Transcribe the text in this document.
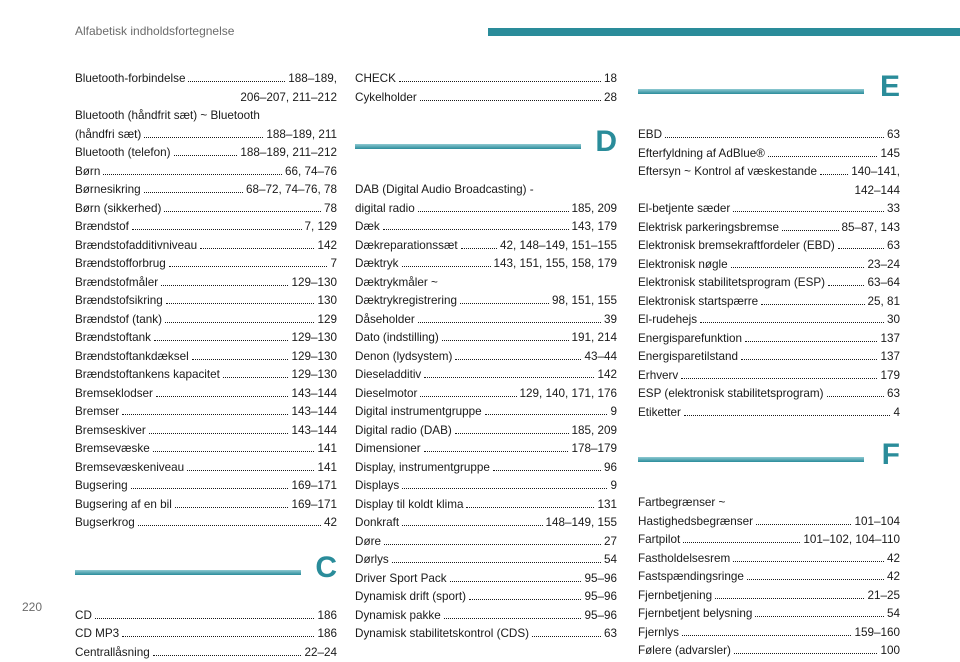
Alfabetisk indholdsfortegnelse
220
Bluetooth-forbindelse	188–189,
206–207, 211–212
Bluetooth (håndfrit sæt) ~ Bluetooth
(håndfri sæt)	188–189, 211
Bluetooth (telefon)	188–189, 211–212
Børn	66, 74–76
Børnesikring	68–72, 74–76, 78
Børn (sikkerhed)	78
Brændstof	7, 129
Brændstofadditivniveau	142
Brændstofforbrug	7
Brændstofmåler	129–130
Brændstofsikring	130
Brændstof (tank)	129
Brændstoftank	129–130
Brændstoftankdæksel	129–130
Brændstoftankens kapacitet	129–130
Bremseklodser	143–144
Bremser	143–144
Bremseskiver	143–144
Bremsevæske	141
Bremsevæskeniveau	141
Bugsering	169–171
Bugsering af en bil	169–171
Bugserkrog	42
C
CD	186
CD MP3	186
Centrallåsning	22–24
CHECK	18
Cykelholder	28
D
DAB (Digital Audio Broadcasting) -
digital radio	185, 209
Dæk	143, 179
Dækreparationssæt	42, 148–149, 151–155
Dæktryk	143, 151, 155, 158, 179
Dæktrykmåler ~
Dæktrykregistrering	98, 151, 155
Dåseholder	39
Dato (indstilling)	191, 214
Denon (lydsystem)	43–44
Dieseladditiv	142
Dieselmotor	129, 140, 171, 176
Digital instrumentgruppe	9
Digital radio (DAB)	185, 209
Dimensioner	178–179
Display, instrumentgruppe	96
Displays	9
Display til koldt klima	131
Donkraft	148–149, 155
Døre	27
Dørlys	54
Driver Sport Pack	95–96
Dynamisk drift (sport)	95–96
Dynamisk pakke	95–96
Dynamisk stabilitetskontrol (CDS)	63
E
EBD	63
Efterfyldning af AdBlue®	145
Eftersyn ~ Kontrol af væskestande	140–141,
142–144
El-betjente sæder	33
Elektrisk parkeringsbremse	85–87, 143
Elektronisk bremsekraftfordeler (EBD)	63
Elektronisk nøgle	23–24
Elektronisk stabilitetsprogram (ESP)	63–64
Elektronisk startspærre	25, 81
El-rudehejs	30
Energisparefunktion	137
Energisparetilstand	137
Erhverv	179
ESP (elektronisk stabilitetsprogram)	63
Etiketter	4
F
Fartbegrænser ~
Hastighedsbegrænser	101–104
Fartpilot	101–102, 104–110
Fastholdelsesrem	42
Fastspændingsringe	42
Fjernbetjening	21–25
Fjernbetjent belysning	54
Fjernlys	159–160
Følere (advarsler)	100
